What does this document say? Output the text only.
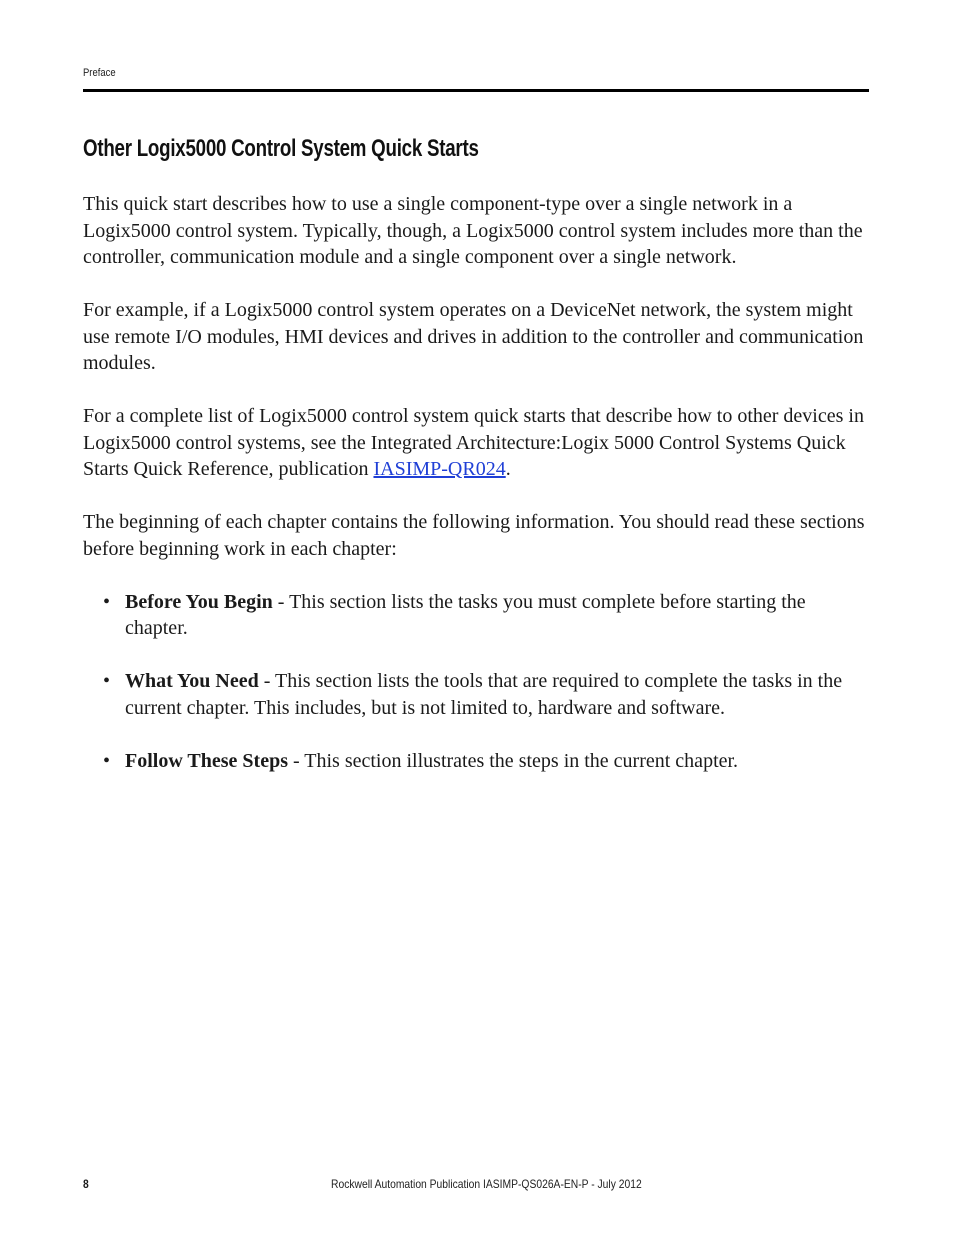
Preface
Other Logix5000 Control System Quick Starts

This quick start describes how to use a single component-type over a single network in a Logix5000 control system. Typically, though, a Logix5000 control system includes more than the controller, communication module and a single component over a single network.

For example, if a Logix5000 control system operates on a DeviceNet network, the system might use remote I/O modules, HMI devices and drives in addition to the controller and communication modules.

For a complete list of Logix5000 control system quick starts that describe how to other devices in Logix5000 control systems, see the Integrated Architecture:Logix 5000 Control Systems Quick Starts Quick Reference, publication IASIMP-QR024.

The beginning of each chapter contains the following information. You should read these sections before beginning work in each chapter:

• Before You Begin - This section lists the tasks you must complete before starting the chapter.
• What You Need - This section lists the tools that are required to complete the tasks in the current chapter. This includes, but is not limited to, hardware and software.
• Follow These Steps - This section illustrates the steps in the current chapter.
8	Rockwell Automation Publication IASIMP-QS026A-EN-P - July 2012
